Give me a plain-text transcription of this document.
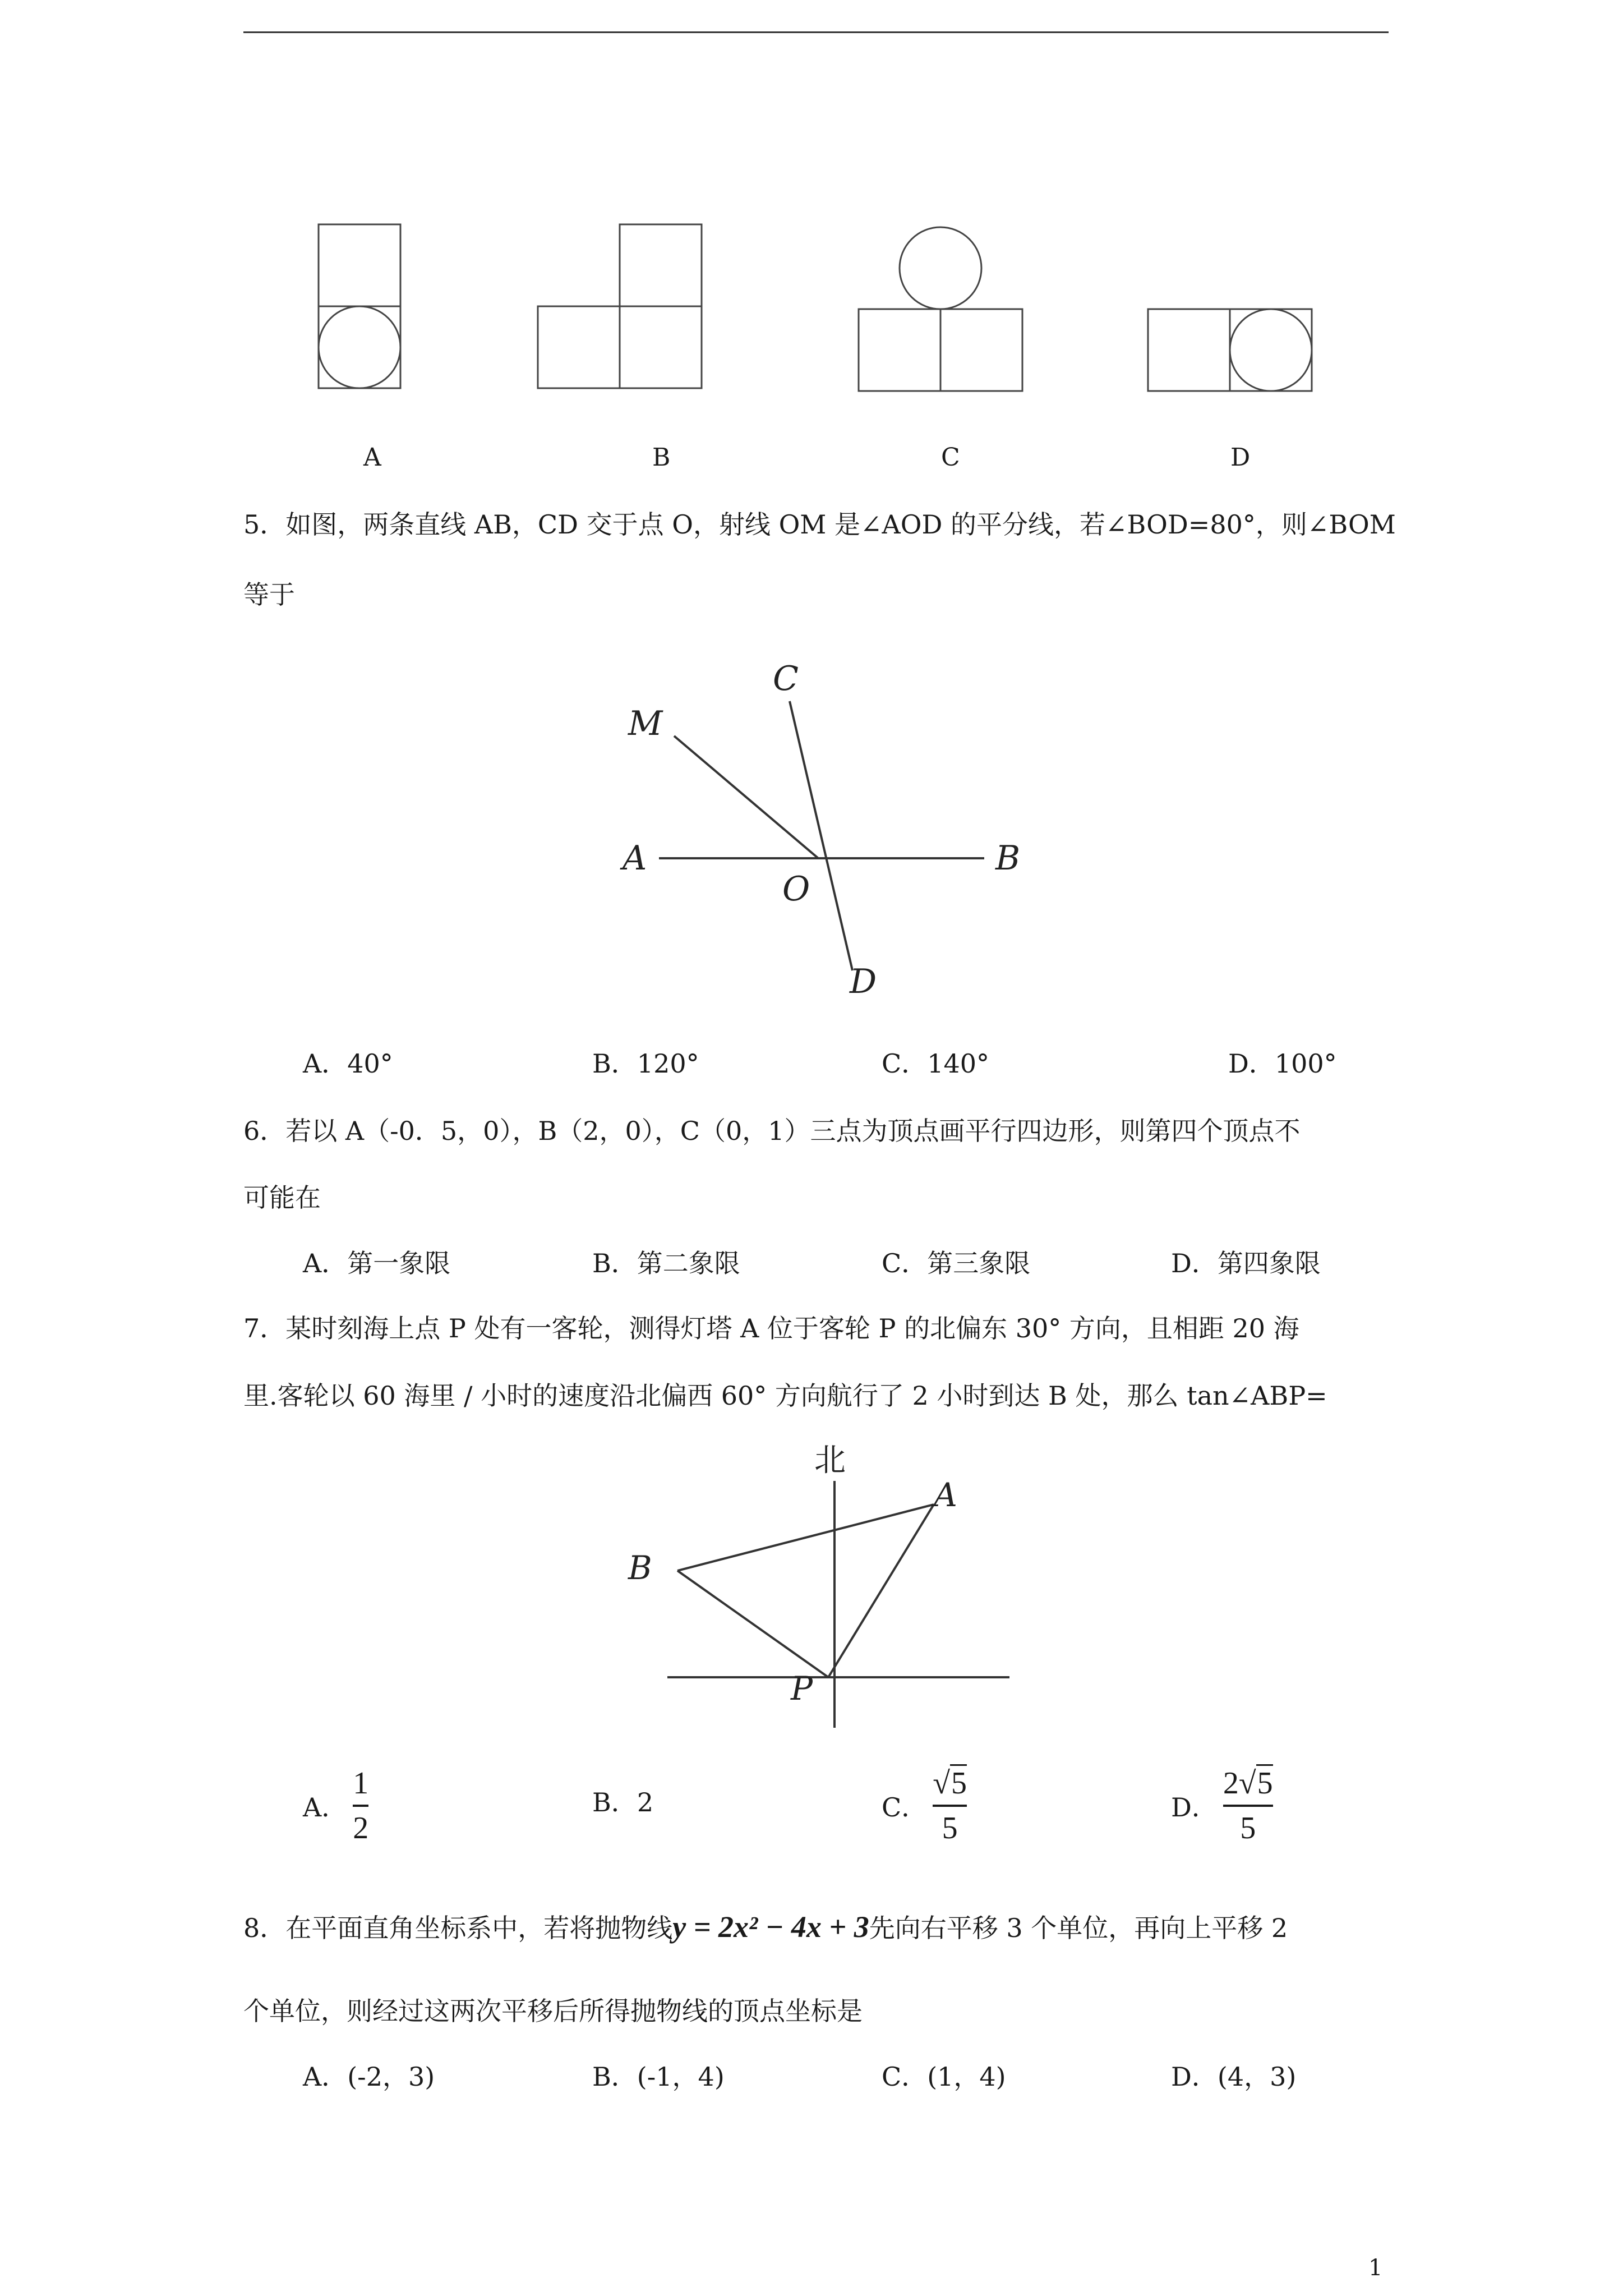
A	B	C	D
5．如图，两条直线 AB，CD 交于点 O，射线 OM 是∠AOD 的平分线，若∠BOD=80°，则∠BOM
等于
C
M
A	B
O
D
A．40°	B．120°	C．140°	D．100°
6．若以 A（-0．5，0），B（2，0），C（0，1）三点为顶点画平行四边形，则第四个顶点不
可能在
A．第一象限	B．第二象限	C．第三象限	D．第四象限
7．某时刻海上点 P 处有一客轮，测得灯塔 A 位于客轮 P 的北偏东 30° 方向，且相距 20 海
里.客轮以 60 海里 / 小时的速度沿北偏西 60° 方向航行了 2 小时到达 B 处，那么 tan∠ABP=
北
A
B
P
A． $\frac{1}{2}$	B．2	C． $\frac{√5}{5}$	D． $\frac{2√5}{5}$
8．在平面直角坐标系中，若将抛物线y = 2x² − 4x + 3先向右平移 3 个单位，再向上平移 2
个单位，则经过这两次平移后所得抛物线的顶点坐标是
A．(-2，3)	B．(-1，4)	C．(1，4)	D．(4，3)
1
